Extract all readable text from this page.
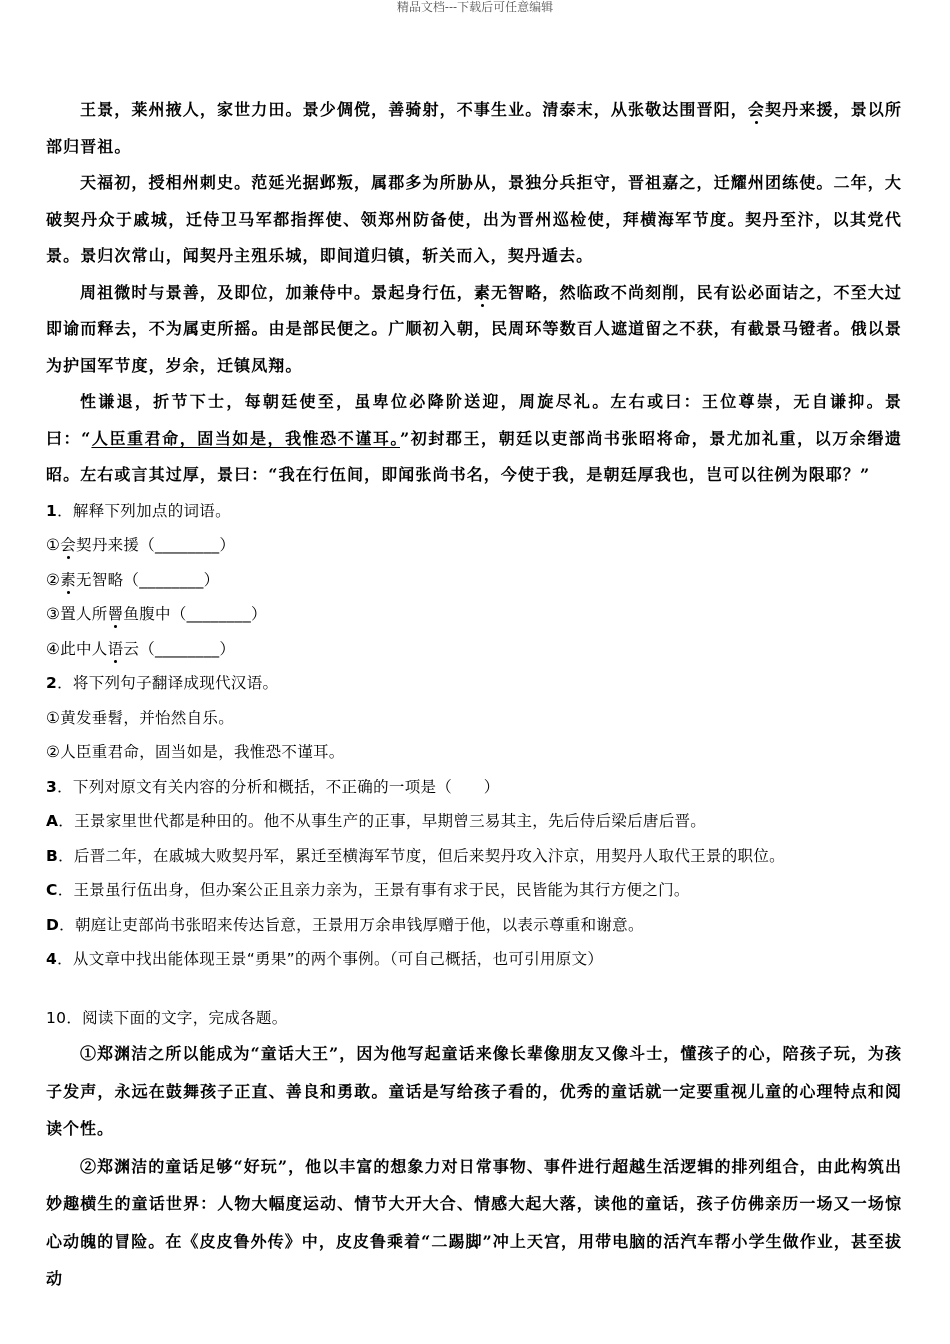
精品文档---下载后可任意编辑
王景，莱州掖人，家世力田。景少倜傥，善骑射，不事生业。清泰末，从张敬达围晋阳，会契丹来援，景以所部归晋祖。
天福初，授相州刺史。范延光据邺叛，属郡多为所胁从，景独分兵拒守，晋祖嘉之，迁耀州团练使。二年，大破契丹众于戚城，迁侍卫马军都指挥使、领郑州防备使，出为晋州巡检使，拜横海军节度。契丹至汴，以其党代景。景归次常山，闻契丹主殂乐城，即间道归镇，斩关而入，契丹遁去。
周祖微时与景善，及即位，加兼侍中。景起身行伍，素无智略，然临政不尚刻削，民有讼必面诘之，不至大过即谕而释去，不为属吏所摇。由是部民便之。广顺初入朝，民周环等数百人遮道留之不获，有截景马镫者。俄以景为护国军节度，岁余，迁镇凤翔。
性谦退，折节下士，每朝廷使至，虽卑位必降阶送迎，周旋尽礼。左右或曰：王位尊崇，无自谦抑。景曰：“人臣重君命，固当如是，我惟恐不谨耳。”初封郡王，朝廷以吏部尚书张昭将命，景尤加礼重，以万余缗遗昭。左右或言其过厚，景曰：“我在行伍间，即闻张尚书名，今使于我，是朝廷厚我也，岂可以往例为限耶？”
1．解释下列加点的词语。
①会契丹来援（________）
②素无智略（________）
③置人所罾鱼腹中（________）
④此中人语云（________）
2．将下列句子翻译成现代汉语。
①黄发垂髫，并怡然自乐。
②人臣重君命，固当如是，我惟恐不谨耳。
3．下列对原文有关内容的分析和概括，不正确的一项是（　　）
A．王景家里世代都是种田的。他不从事生产的正事，早期曾三易其主，先后侍后梁后唐后晋。
B．后晋二年，在戚城大败契丹军，累迁至横海军节度，但后来契丹攻入汴京，用契丹人取代王景的职位。
C．王景虽行伍出身，但办案公正且亲力亲为，王景有事有求于民，民皆能为其行方便之门。
D．朝庭让吏部尚书张昭来传达旨意，王景用万余串钱厚赠于他，以表示尊重和谢意。
4．从文章中找出能体现王景“勇果”的两个事例。（可自己概括，也可引用原文）
10．阅读下面的文字，完成各题。
①郑渊洁之所以能成为“童话大王”，因为他写起童话来像长辈像朋友又像斗士，懂孩子的心，陪孩子玩，为孩子发声，永远在鼓舞孩子正直、善良和勇敢。童话是写给孩子看的，优秀的童话就一定要重视儿童的心理特点和阅读个性。
②郑渊洁的童话足够“好玩”，他以丰富的想象力对日常事物、事件进行超越生活逻辑的排列组合，由此构筑出妙趣横生的童话世界：人物大幅度运动、情节大开大合、情感大起大落，读他的童话，孩子仿佛亲历一场又一场惊心动魄的冒险。在《皮皮鲁外传》中，皮皮鲁乘着“二踢脚”冲上天宫，用带电脑的活汽车帮小学生做作业，甚至拔动
